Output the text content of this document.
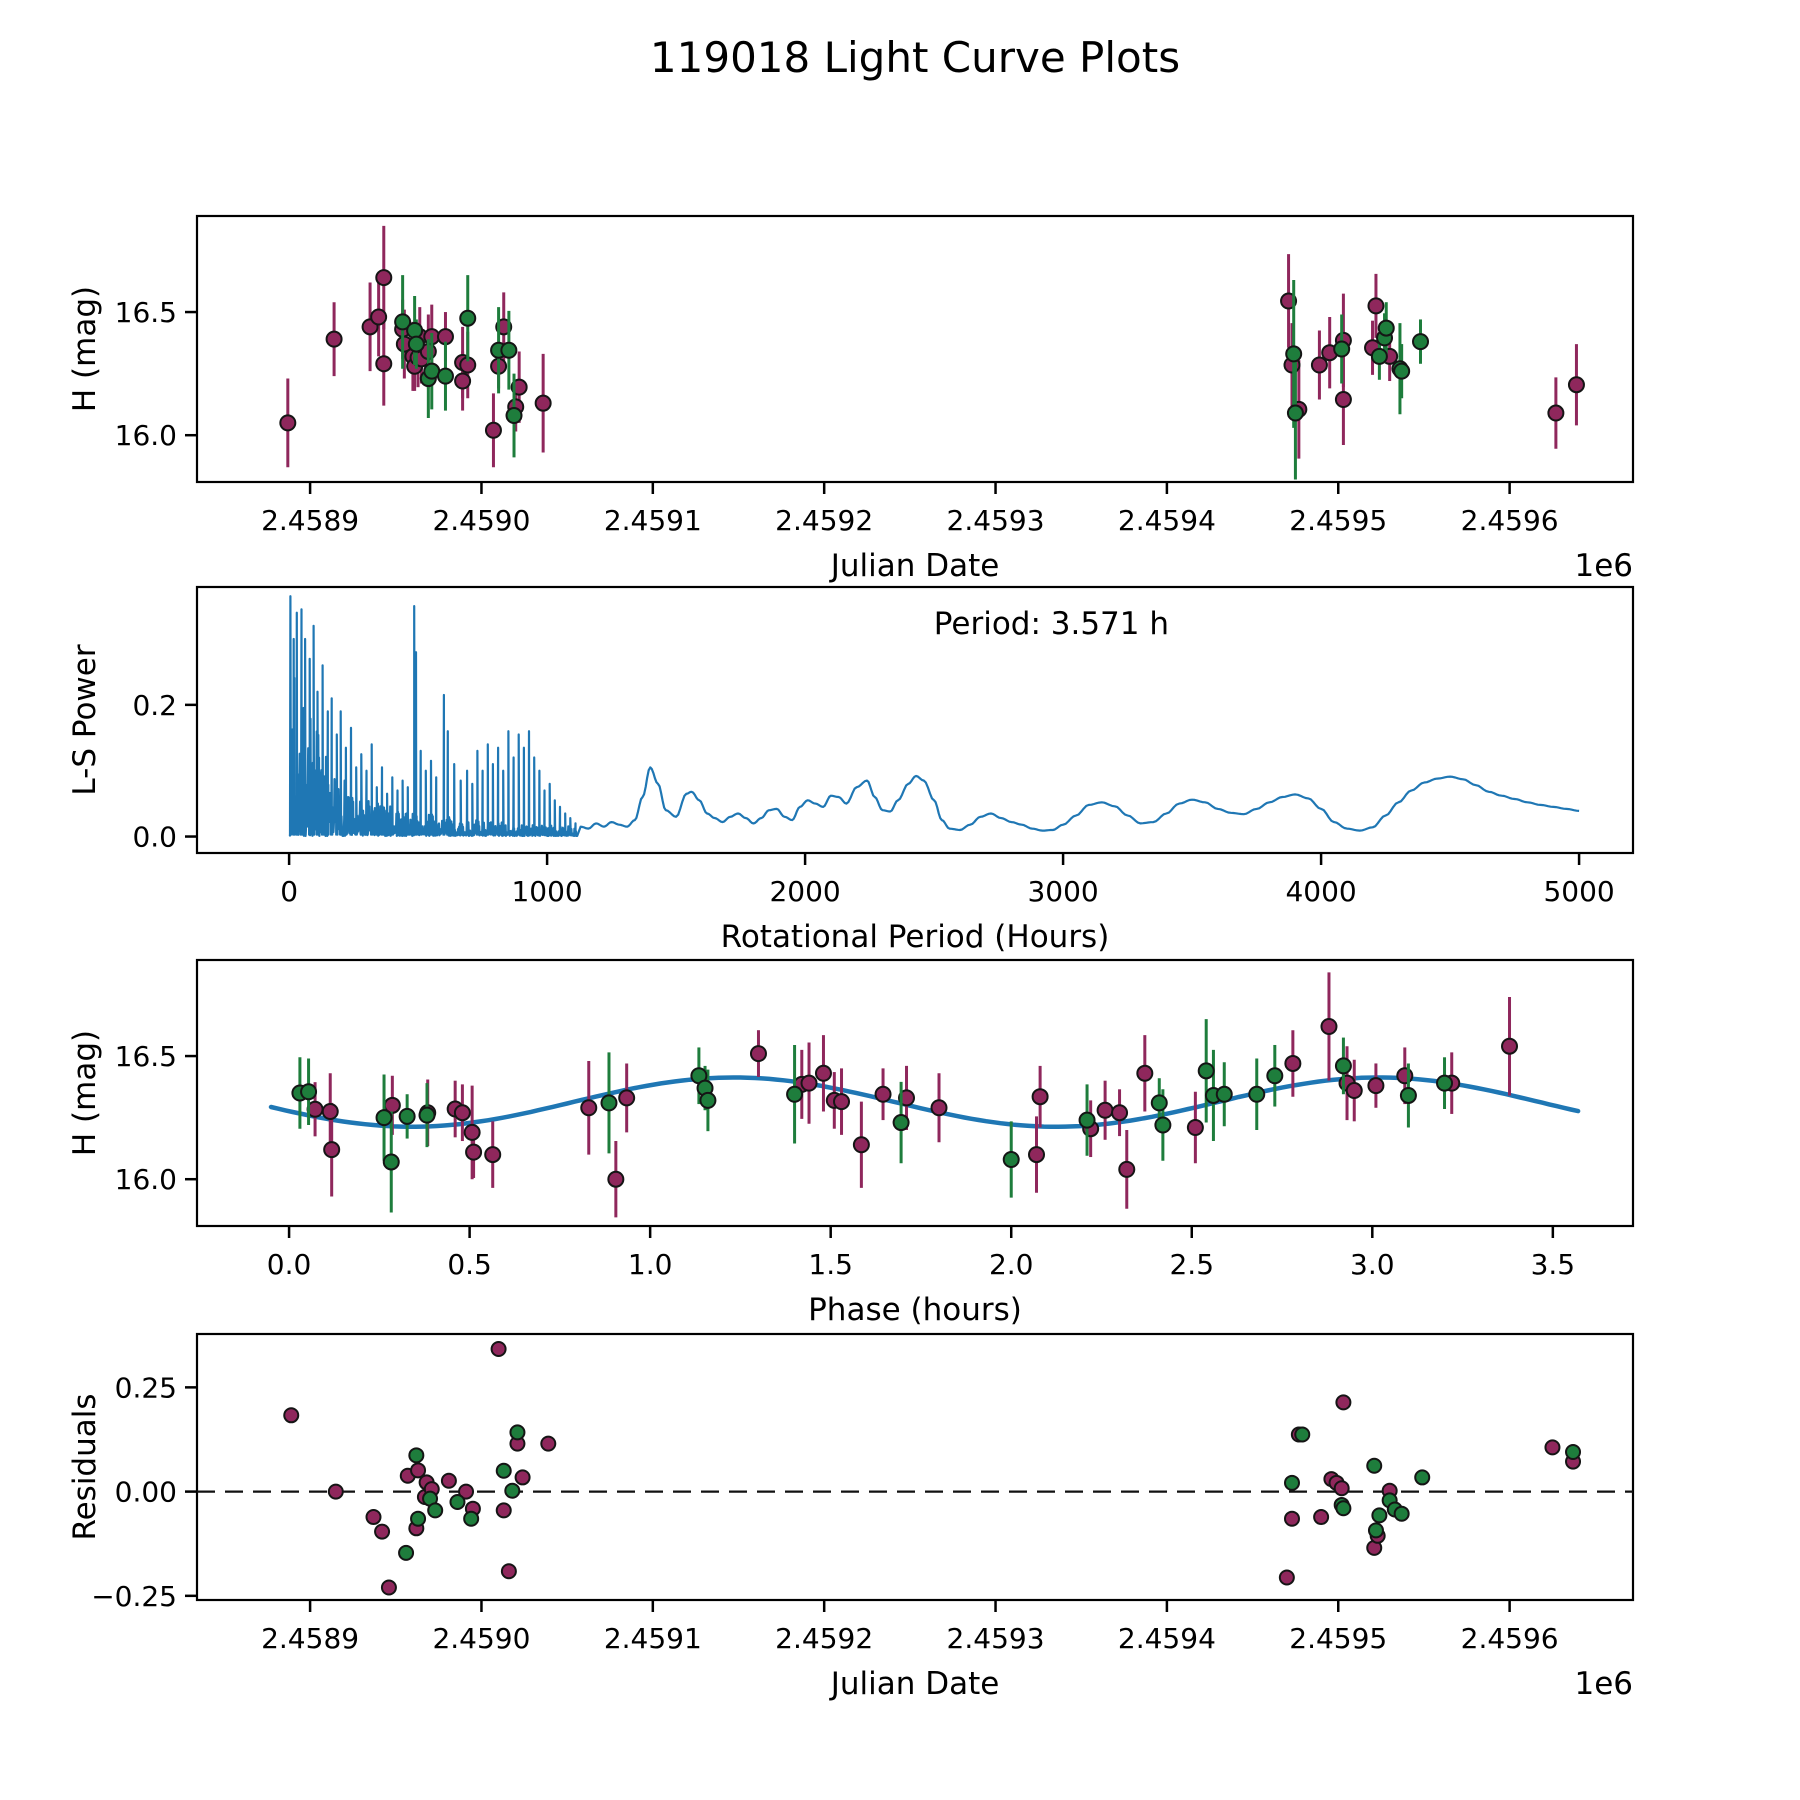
119018 Light Curve Plots
2.4589	2.4590	2.4591	2.4592	2.4593	2.4594	2.4595	2.4596
16.0
16.5
Julian Date	1e6
H (mag)
0	1000	2000	3000	4000	5000
0.0
0.2
Rotational Period (Hours)
L-S Power
Period: 3.571 h
0.0	0.5	1.0	1.5	2.0	2.5	3.0	3.5
16.0
16.5
Phase (hours)
H (mag)
2.4589	2.4590	2.4591	2.4592	2.4593	2.4594	2.4595	2.4596
−0.25
0.00
0.25
Julian Date	1e6
Residuals
